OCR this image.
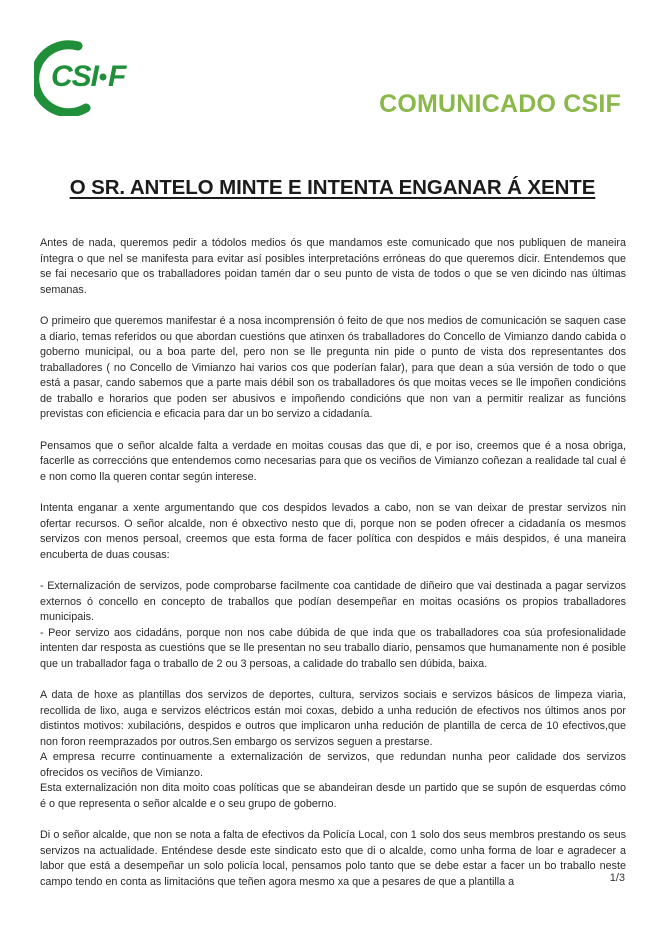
CSI F
COMUNICADO CSIF
O SR. ANTELO MINTE E INTENTA ENGANAR Á XENTE

Antes de nada, queremos pedir a tódolos medios ós que mandamos este comunicado que nos publiquen de maneira íntegra o que nel se manifesta para evitar así posibles interpretacións erróneas do que queremos dicir. Entendemos que se fai necesario que os traballadores poidan tamén dar o seu punto de vista de todos o que se ven dicindo nas últimas semanas.

O primeiro que queremos manifestar é a nosa incomprensión ó feito de que nos medios de comunicación se saquen case a diario, temas referidos ou que abordan cuestións que atinxen ós traballadores do Concello de Vimianzo dando cabida o goberno municipal, ou a boa parte del, pero non se lle pregunta nin pide o punto de vista dos representantes dos traballadores ( no Concello de Vimianzo hai varios cos que poderían falar), para que dean a súa versión de todo o que está a pasar, cando sabemos que a parte mais débil son os traballadores ós que moitas veces se lle impoñen condicións de traballo e horarios que poden ser abusivos e impoñendo condicións que non van a permitir realizar as funcións previstas con eficiencia e eficacia para dar un bo servizo a cidadanía.

Pensamos que o señor alcalde falta a verdade en moitas cousas das que di, e por iso, creemos que é a nosa obriga, facerlle as correccións que entendemos como necesarias para que os veciños de Vimianzo coñezan a realidade tal cual é e non como lla queren contar según interese.

Intenta enganar a xente argumentando que cos despidos levados a cabo, non se van deixar de prestar servizos nin ofertar recursos. O señor alcalde, non é obxectivo nesto que di, porque non se poden ofrecer a cidadanía os mesmos servizos con menos persoal, creemos que esta forma de facer política con despidos e máis despidos, é una maneira encuberta de duas cousas:

- Externalización de servizos, pode comprobarse facilmente coa cantidade de diñeiro que vai destinada a pagar servizos externos ó concello en concepto de traballos que podían desempeñar en moitas ocasións os propios traballadores municipais.

- Peor servizo aos cidadáns, porque non nos cabe dúbida de que inda que os traballadores coa súa profesionalidade intenten dar resposta as cuestións que se lle presentan no seu traballo diario, pensamos que humanamente non é posible que un traballador faga o traballo de 2 ou 3 persoas, a calidade do traballo sen dúbida, baixa.

A data de hoxe as plantillas dos servizos de deportes, cultura, servizos sociais e servizos básicos de limpeza viaria, recollida de lixo, auga e servizos eléctricos están moi coxas, debido a unha redución de efectivos nos últimos anos por distintos motivos: xubilacións, despidos e outros que implicaron unha redución de plantilla de cerca de 10 efectivos,que non foron reemprazados por outros.Sen embargo os servizos seguen a prestarse.

A empresa recurre continuamente a externalización de servizos, que redundan nunha peor calidade dos servizos ofrecidos os veciños de Vimianzo.

Esta externalización non dita moito coas políticas que se abandeiran desde un partido que se supón de esquerdas cómo é o que representa o señor alcalde e o seu grupo de goberno.

Di o señor alcalde, que non se nota a falta de efectivos da Policía Local, con 1 solo dos seus membros prestando os seus servizos na actualidade. Enténdese desde este sindicato esto que di o alcalde, como unha forma de loar e agradecer a labor que está a desempeñar un solo policía local, pensamos polo tanto que se debe estar a facer un bo traballo neste campo tendo en conta as limitacións que teñen agora mesmo xa que a pesares de que a plantilla a	1/3
